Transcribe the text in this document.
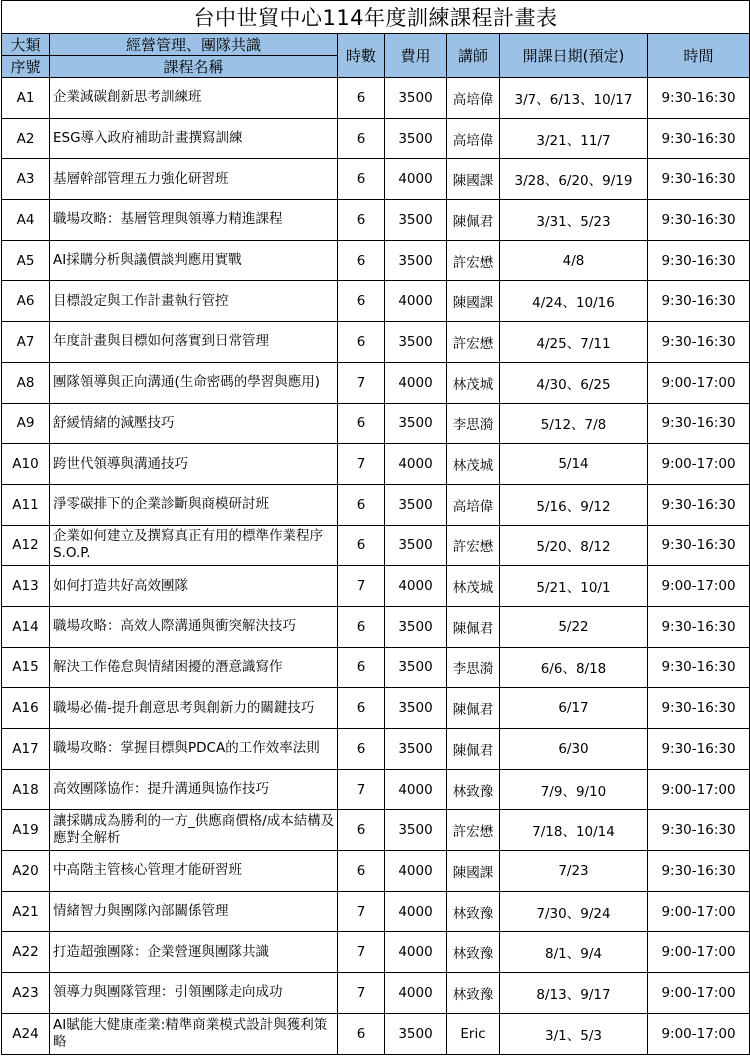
台中世貿中心114年度訓練課程計畫表						
大類	經營管理、團隊共識	時數	費用	講師	開課日期(預定)	時間
序號	課程名稱					
A1	企業減碳創新思考訓練班	6	3500	高培偉	3/7、6/13、10/17	9:30-16:30
A2	ESG導入政府補助計畫撰寫訓練	6	3500	高培偉	3/21、11/7	9:30-16:30
A3	基層幹部管理五力強化研習班	6	4000	陳國課	3/28、6/20、9/19	9:30-16:30
A4	職場攻略：基層管理與領導力精進課程	6	3500	陳佩君	3/31、5/23	9:30-16:30
A5	AI採購分析與議價談判應用實戰	6	3500	許宏懋	4/8	9:30-16:30
A6	目標設定與工作計畫執行管控	6	4000	陳國課	4/24、10/16	9:30-16:30
A7	年度計畫與目標如何落實到日常管理	6	3500	許宏懋	4/25、7/11	9:30-16:30
A8	團隊領導與正向溝通(生命密碼的學習與應用)	7	4000	林茂城	4/30、6/25	9:00-17:00
A9	舒緩情緒的減壓技巧	6	3500	李思漪	5/12、7/8	9:30-16:30
A10	跨世代領導與溝通技巧	7	4000	林茂城	5/14	9:00-17:00
A11	淨零碳排下的企業診斷與商模研討班	6	3500	高培偉	5/16、9/12	9:30-16:30
A12	企業如何建立及撰寫真正有用的標準作業程序S.O.P.	6	3500	許宏懋	5/20、8/12	9:30-16:30
A13	如何打造共好高效團隊	7	4000	林茂城	5/21、10/1	9:00-17:00
A14	職場攻略：高效人際溝通與衝突解決技巧	6	3500	陳佩君	5/22	9:30-16:30
A15	解決工作倦怠與情緒困擾的潛意識寫作	6	3500	李思漪	6/6、8/18	9:30-16:30
A16	職場必備-提升創意思考與創新力的關鍵技巧	6	3500	陳佩君	6/17	9:30-16:30
A17	職場攻略：掌握目標與PDCA的工作效率法則	6	3500	陳佩君	6/30	9:30-16:30
A18	高效團隊協作：提升溝通與協作技巧	7	4000	林致豫	7/9、9/10	9:00-17:00
A19	讓採購成為勝利的一方_供應商價格/成本結構及應對全解析	6	3500	許宏懋	7/18、10/14	9:30-16:30
A20	中高階主管核心管理才能研習班	6	4000	陳國課	7/23	9:30-16:30
A21	情緒智力與團隊內部關係管理	7	4000	林致豫	7/30、9/24	9:00-17:00
A22	打造超強團隊：企業營運與團隊共識	7	4000	林致豫	8/1、9/4	9:00-17:00
A23	領導力與團隊管理：引領團隊走向成功	7	4000	林致豫	8/13、9/17	9:00-17:00
A24	AI賦能大健康產業:精準商業模式設計與獲利策略	6	3500	Eric	3/1、5/3	9:00-17:00
